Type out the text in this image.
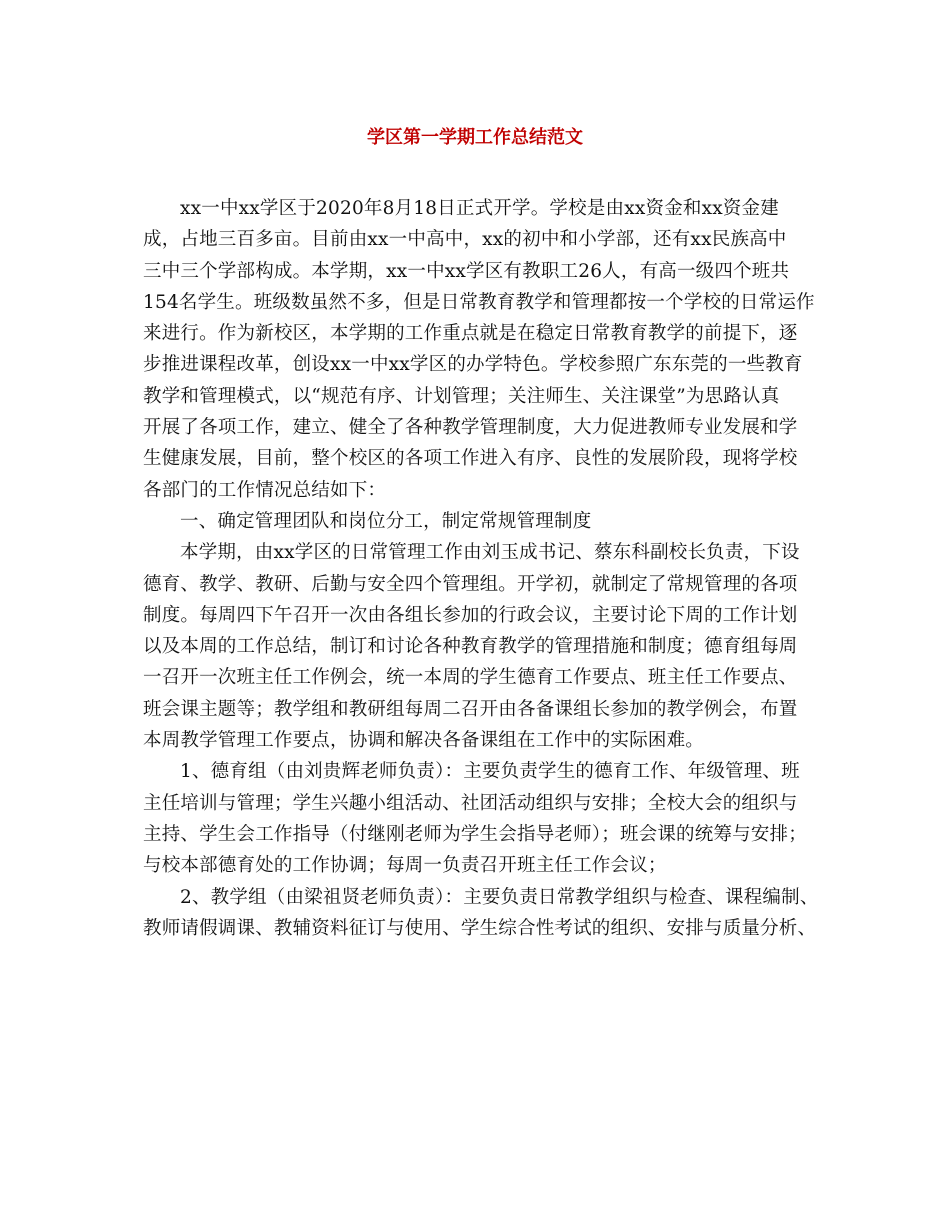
学区第一学期工作总结范文
xx一中xx学区于2020年8月18日正式开学。学校是由xx资金和xx资金建
成，占地三百多亩。目前由xx一中高中，xx的初中和小学部，还有xx民族高中
三中三个学部构成。本学期，xx一中xx学区有教职工26人，有高一级四个班共
154名学生。班级数虽然不多，但是日常教育教学和管理都按一个学校的日常运作
来进行。作为新校区，本学期的工作重点就是在稳定日常教育教学的前提下，逐
步推进课程改革，创设xx一中xx学区的办学特色。学校参照广东东莞的一些教育
教学和管理模式，以“规范有序、计划管理；关注师生、关注课堂”为思路认真
开展了各项工作，建立、健全了各种教学管理制度，大力促进教师专业发展和学
生健康发展，目前，整个校区的各项工作进入有序、良性的发展阶段，现将学校
各部门的工作情况总结如下：
一、确定管理团队和岗位分工，制定常规管理制度
本学期，由xx学区的日常管理工作由刘玉成书记、蔡东科副校长负责，下设
德育、教学、教研、后勤与安全四个管理组。开学初，就制定了常规管理的各项
制度。每周四下午召开一次由各组长参加的行政会议，主要讨论下周的工作计划
以及本周的工作总结，制订和讨论各种教育教学的管理措施和制度；德育组每周
一召开一次班主任工作例会，统一本周的学生德育工作要点、班主任工作要点、
班会课主题等；教学组和教研组每周二召开由各备课组长参加的教学例会，布置
本周教学管理工作要点，协调和解决各备课组在工作中的实际困难。
1、德育组（由刘贵辉老师负责）：主要负责学生的德育工作、年级管理、班
主任培训与管理；学生兴趣小组活动、社团活动组织与安排；全校大会的组织与
主持、学生会工作指导（付继刚老师为学生会指导老师）；班会课的统筹与安排；
与校本部德育处的工作协调；每周一负责召开班主任工作会议；
2、教学组（由梁祖贤老师负责）：主要负责日常教学组织与检查、课程编制、
教师请假调课、教辅资料征订与使用、学生综合性考试的组织、安排与质量分析、
